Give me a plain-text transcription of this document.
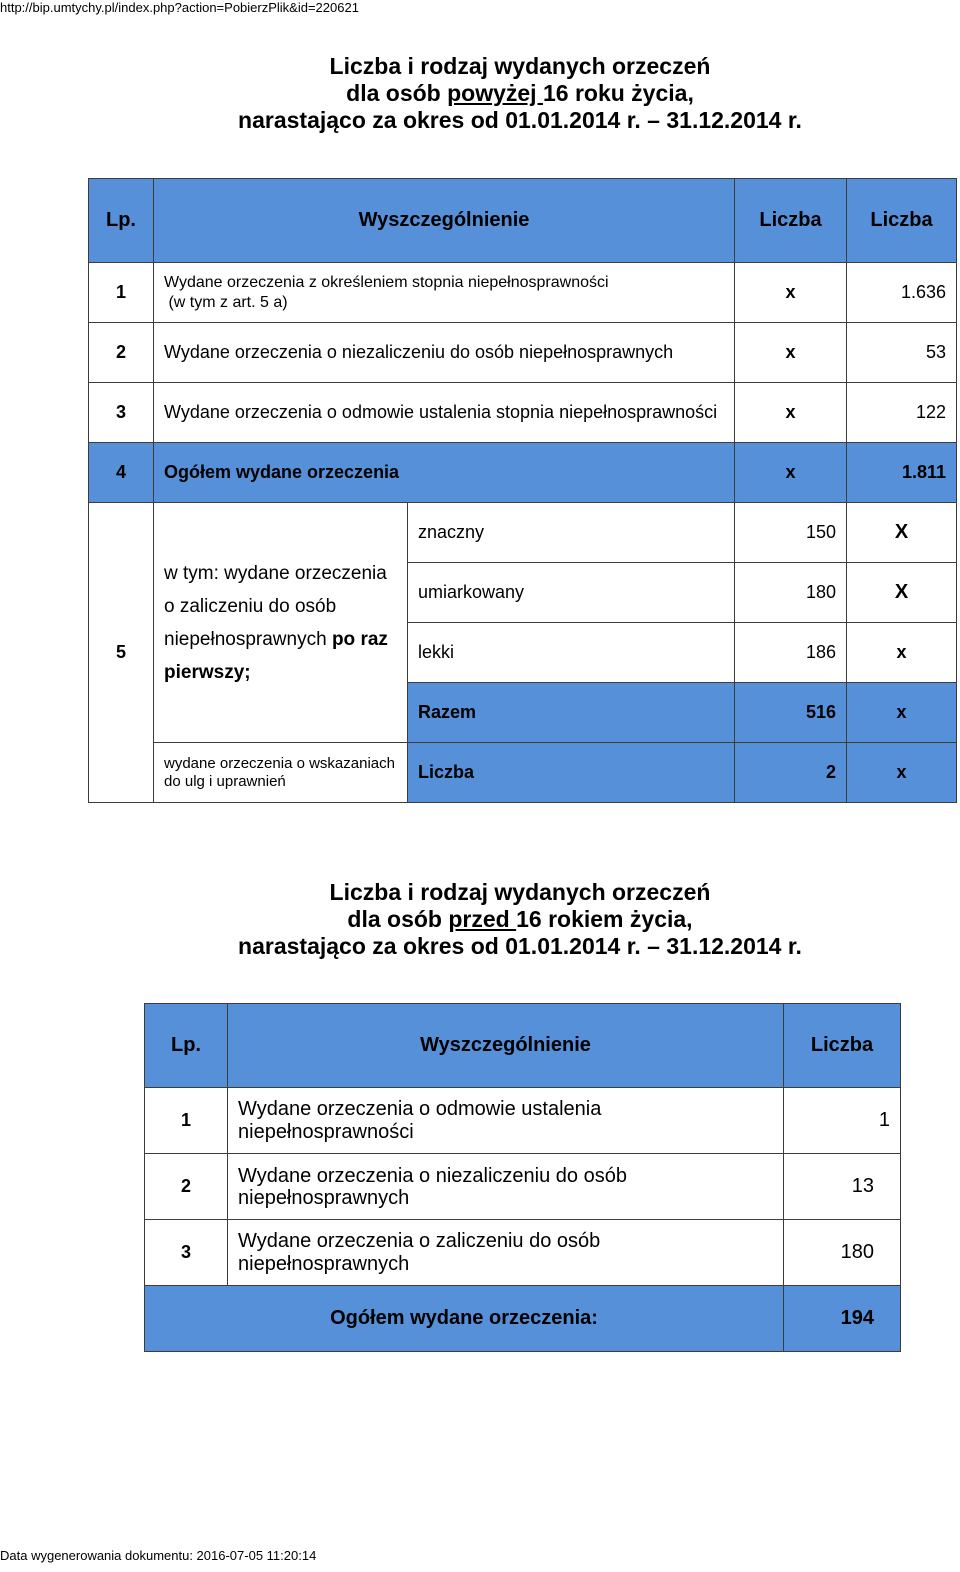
http://bip.umtychy.pl/index.php?action=PobierzPlik&id=220621
Liczba i rodzaj wydanych orzeczeń
dla osób powyżej 16 roku życia,
narastająco za okres od 01.01.2014 r. – 31.12.2014 r.
Lp.	Wyszczególnienie		Liczba	Liczba
1	Wydane orzeczenia z określeniem stopnia niepełnosprawności
(w tym z art. 5 a)		x	1.636
2	Wydane orzeczenia o niezaliczeniu do osób niepełnosprawnych		x	53
3	Wydane orzeczenia o odmowie ustalenia stopnia niepełnosprawności		x	122
4	Ogółem wydane orzeczenia		x	1.811
5	w tym: wydane orzeczenia
o zaliczeniu do osób
niepełnosprawnych po raz
pierwszy;	znaczny	150	X
		umiarkowany	180	X
		lekki	186	x
		Razem	516	x

	wydane orzeczenia o wskazaniach
do ulg i uprawnień	Liczba	2	x
Liczba i rodzaj wydanych orzeczeń
dla osób przed 16 rokiem życia,
narastająco za okres od 01.01.2014 r. – 31.12.2014 r.
Lp.	Wyszczególnienie	Liczba
1	Wydane orzeczenia o odmowie ustalenia niepełnosprawności	1
2	Wydane orzeczenia o niezaliczeniu do osób
niepełnosprawnych	13
3	Wydane orzeczenia o zaliczeniu do osób niepełnosprawnych	180
Ogółem wydane orzeczenia:		194
Data wygenerowania dokumentu: 2016-07-05 11:20:14
